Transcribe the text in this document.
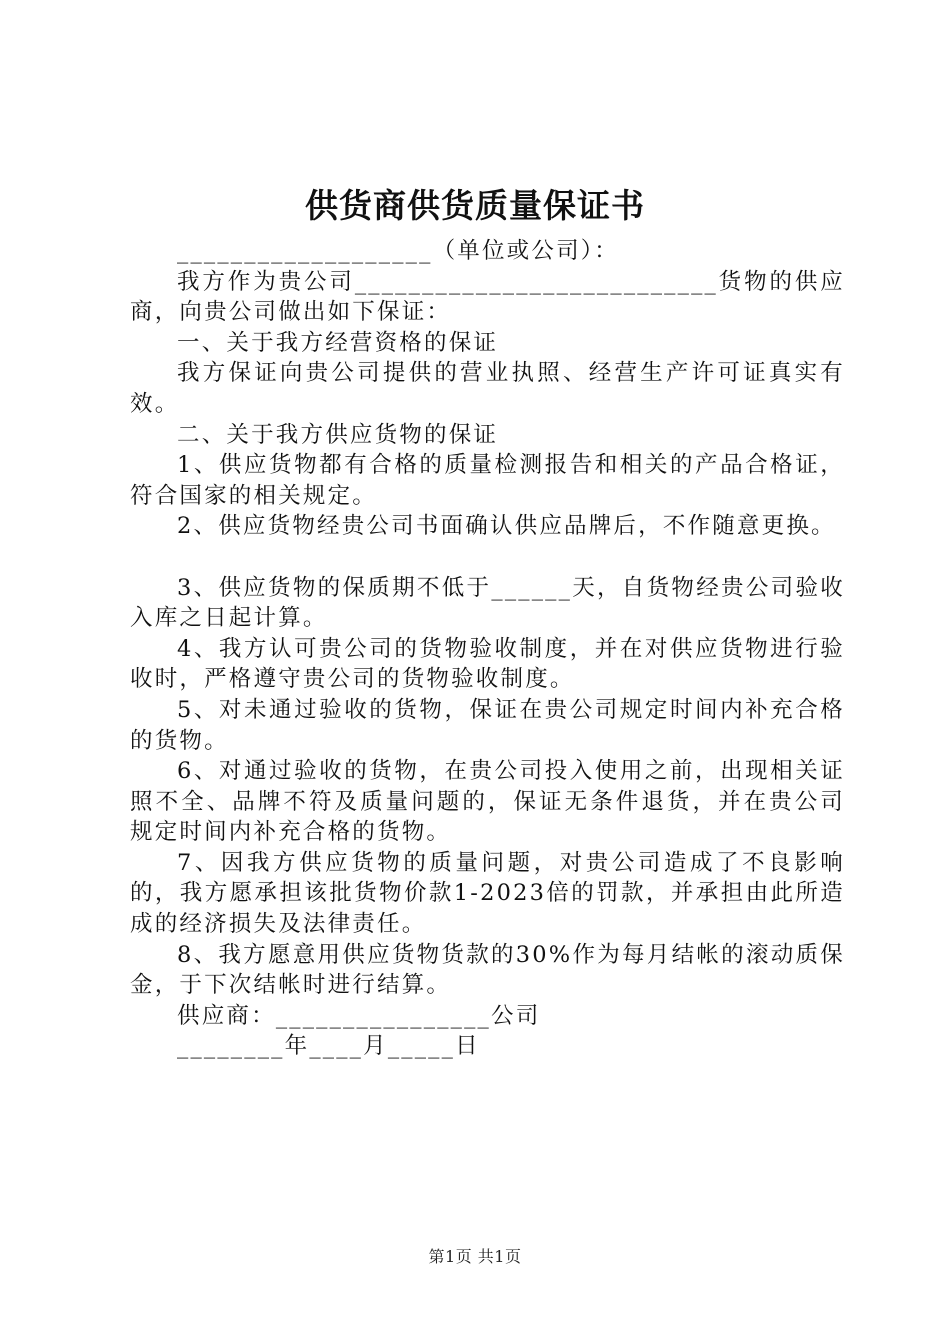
供货商供货质量保证书

___________________（单位或公司）：

我方作为贵公司___________________________货物的供应商，向贵公司做出如下保证：

一、关于我方经营资格的保证

我方保证向贵公司提供的营业执照、经营生产许可证真实有效。

二、关于我方供应货物的保证

1、供应货物都有合格的质量检测报告和相关的产品合格证，符合国家的相关规定。

2、供应货物经贵公司书面确认供应品牌后，不作随意更换。

3、供应货物的保质期不低于______天，自货物经贵公司验收入库之日起计算。

4、我方认可贵公司的货物验收制度，并在对供应货物进行验收时，严格遵守贵公司的货物验收制度。

5、对未通过验收的货物，保证在贵公司规定时间内补充合格的货物。

6、对通过验收的货物，在贵公司投入使用之前，出现相关证照不全、品牌不符及质量问题的，保证无条件退货，并在贵公司规定时间内补充合格的货物。

7、因我方供应货物的质量问题，对贵公司造成了不良影响的，我方愿承担该批货物价款1-2023倍的罚款，并承担由此所造成的经济损失及法律责任。

8、我方愿意用供应货物货款的30%作为每月结帐的滚动质保金，于下次结帐时进行结算。

供应商：________________公司

________年____月_____日

第1页 共1页
